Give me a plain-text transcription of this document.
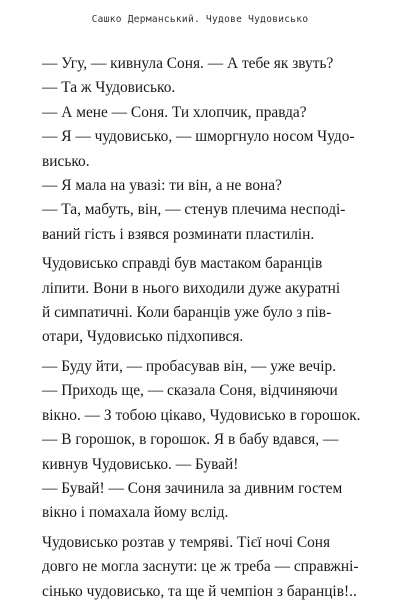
Сашко Дерманський. Чудове Чудовисько

— Угу, — кивнула Соня. — А тебе як звуть?

— Та ж Чудовисько.

— А мене — Соня. Ти хлопчик, правда?

— Я — чудовисько, — шморгнуло носом Чудо-
висько.

— Я мала на увазі: ти він, а не вона?

— Та, мабуть, він, — стенув плечима несподі-
ваний гість і взявся розминати пластилін.

Чудовисько справді був мастаком баранців
ліпити. Вони в нього виходили дуже акуратні
й симпатичні. Коли баранців уже було з пів-
отари, Чудовисько підхопився.

— Буду йти, — пробасував він, — уже вечір.

— Приходь ще, — сказала Соня, відчиняючи
вікно. — З тобою цікаво, Чудовисько в горошок.

— В горошок, в горошок. Я в бабу вдався, —
кивнув Чудовисько. — Бувай!

— Бувай! — Соня зачинила за дивним гостем
вікно і помахала йому вслід.

Чудовисько розтав у темряві. Тієї ночі Соня
довго не могла заснути: це ж треба — справжні-
сінько чудовисько, та ще й чемпіон з баранців!..
